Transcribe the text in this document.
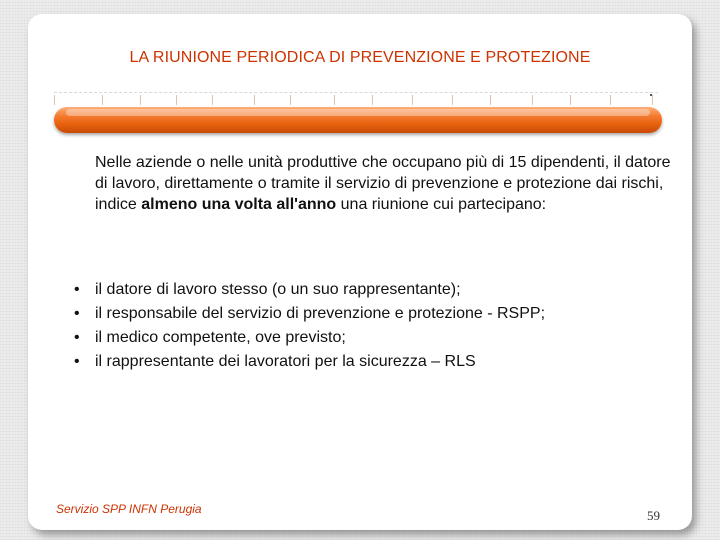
LA RIUNIONE PERIODICA DI PREVENZIONE E PROTEZIONE
Nelle aziende o nelle unità produttive che occupano più di 15 dipendenti, il datore di lavoro, direttamente o tramite il servizio di prevenzione e protezione dai rischi, indice almeno una volta all'anno una riunione cui partecipano:
• il datore di lavoro stesso (o un suo rappresentante);
• il responsabile del servizio di prevenzione e protezione - RSPP;
• il medico competente, ove previsto;
• il rappresentante dei lavoratori per la sicurezza – RLS
Servizio SPP INFN Perugia	59
